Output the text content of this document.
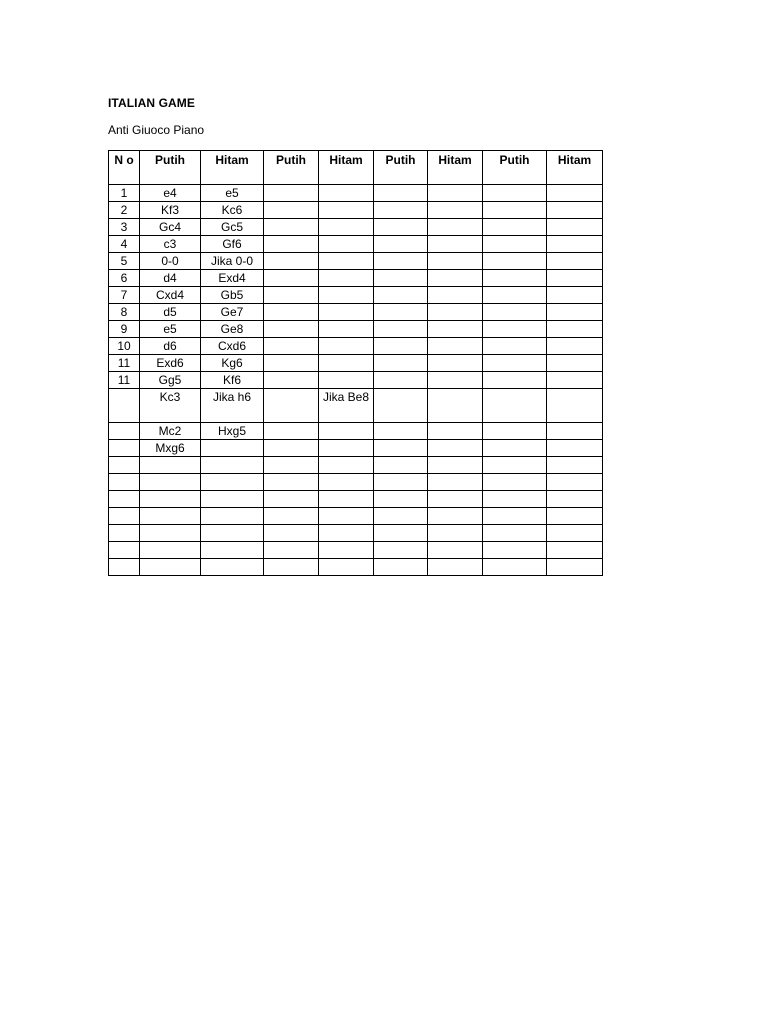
ITALIAN GAME

Anti Giuoco Piano

N o	Putih	Hitam	Putih	Hitam	Putih	Hitam	Putih	Hitam
1	e4	e5						
2	Kf3	Kc6						
3	Gc4	Gc5						
4	c3	Gf6						
5	0-0	Jika 0-0						
6	d4	Exd4						
7	Cxd4	Gb5						
8	d5	Ge7						
9	e5	Ge8						
10	d6	Cxd6						
11	Exd6	Kg6						
11	Gg5	Kf6						
	Kc3	Jika h6		Jika Be8				
	Mc2	Hxg5						
	Mxg6							
